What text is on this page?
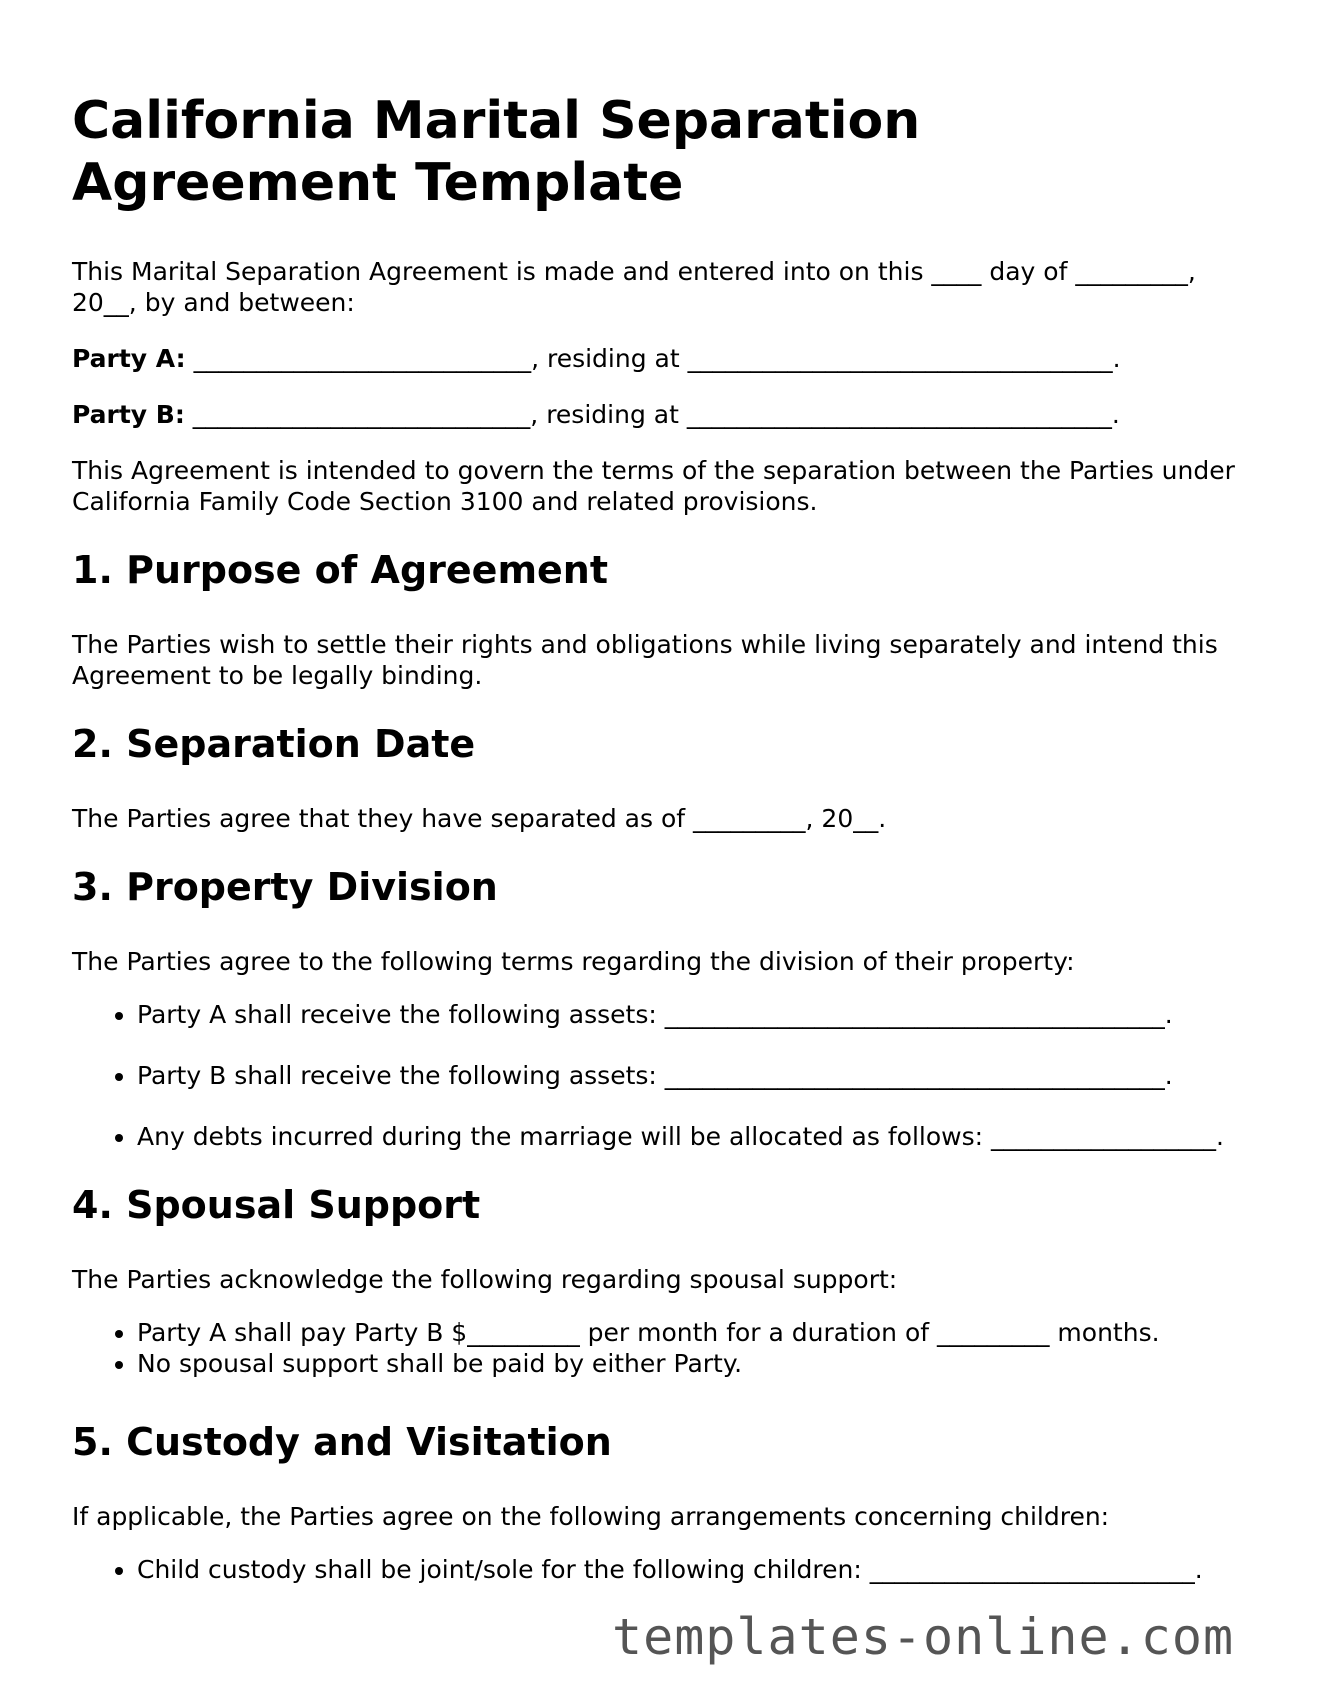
California Marital Separation Agreement Template

This Marital Separation Agreement is made and entered into on this ____ day of _________, 20__, by and between:

Party A: ___________________________, residing at __________________________________.

Party B: ___________________________, residing at __________________________________.

This Agreement is intended to govern the terms of the separation between the Parties under California Family Code Section 3100 and related provisions.

1. Purpose of Agreement

The Parties wish to settle their rights and obligations while living separately and intend this Agreement to be legally binding.

2. Separation Date

The Parties agree that they have separated as of _________, 20__.

3. Property Division

The Parties agree to the following terms regarding the division of their property:

• Party A shall receive the following assets: ________________________________________.
• Party B shall receive the following assets: ________________________________________.
• Any debts incurred during the marriage will be allocated as follows: __________________.
4. Spousal Support

The Parties acknowledge the following regarding spousal support:

• Party A shall pay Party B $_________ per month for a duration of _________ months.
• No spousal support shall be paid by either Party.
5. Custody and Visitation

If applicable, the Parties agree on the following arrangements concerning children:

• Child custody shall be joint/sole for the following children: __________________________.
templates-online.com
